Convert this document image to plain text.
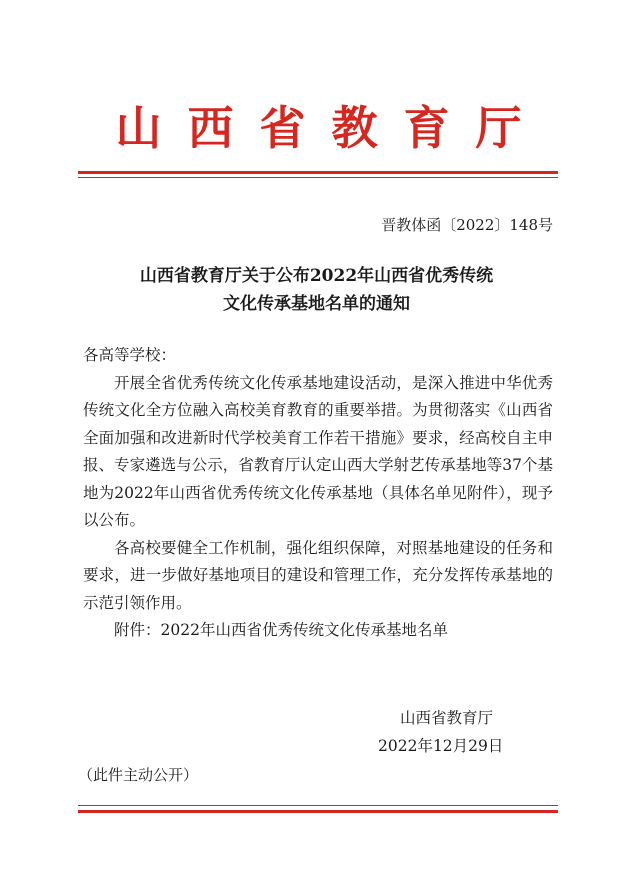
山西省教育厅
晋教体函〔2022〕148号
山西省教育厅关于公布2022年山西省优秀传统
文化传承基地名单的通知

各高等学校：

开展全省优秀传统文化传承基地建设活动，是深入推进中华优秀传统文化全方位融入高校美育教育的重要举措。为贯彻落实《山西省全面加强和改进新时代学校美育工作若干措施》要求，经高校自主申报、专家遴选与公示，省教育厅认定山西大学射艺传承基地等37个基地为2022年山西省优秀传统文化传承基地（具体名单见附件），现予以公布。

各高校要健全工作机制，强化组织保障，对照基地建设的任务和要求，进一步做好基地项目的建设和管理工作，充分发挥传承基地的示范引领作用。

附件：2022年山西省优秀传统文化传承基地名单

山西省教育厅
2022年12月29日
（此件主动公开）
